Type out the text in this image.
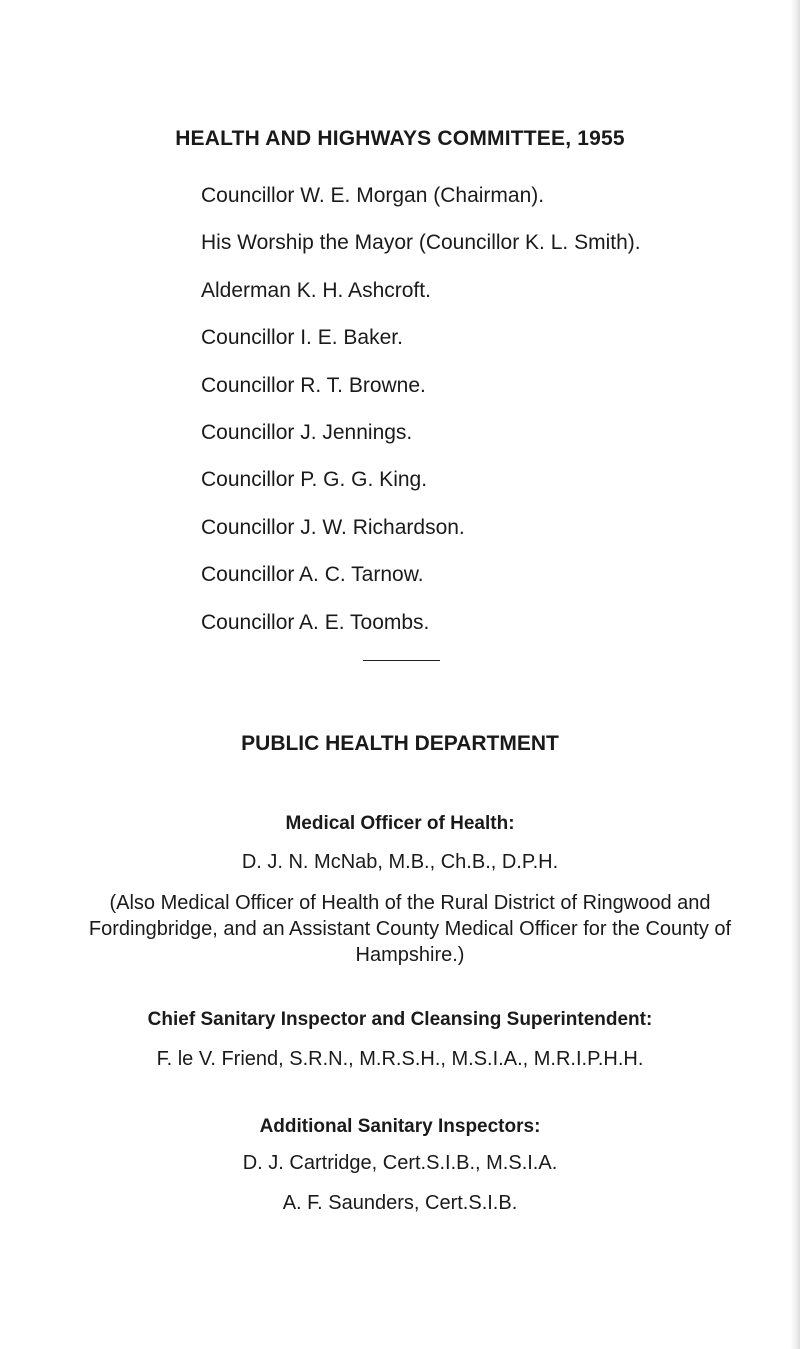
HEALTH AND HIGHWAYS COMMITTEE, 1955
Councillor W. E. Morgan (Chairman).
His Worship the Mayor (Councillor K. L. Smith).
Alderman K. H. Ashcroft.
Councillor I. E. Baker.
Councillor R. T. Browne.
Councillor J. Jennings.
Councillor P. G. G. King.
Councillor J. W. Richardson.
Councillor A. C. Tarnow.
Councillor A. E. Toombs.
PUBLIC HEALTH DEPARTMENT
Medical Officer of Health:
D. J. N. McNab, M.B., Ch.B., D.P.H.
(Also Medical Officer of Health of the Rural District of Ringwood and Fordingbridge, and an Assistant County Medical Officer for the County of Hampshire.)
Chief Sanitary Inspector and Cleansing Superintendent:
F. le V. Friend, S.R.N., M.R.S.H., M.S.I.A., M.R.I.P.H.H.
Additional Sanitary Inspectors:
D. J. Cartridge, Cert.S.I.B., M.S.I.A.
A. F. Saunders, Cert.S.I.B.
